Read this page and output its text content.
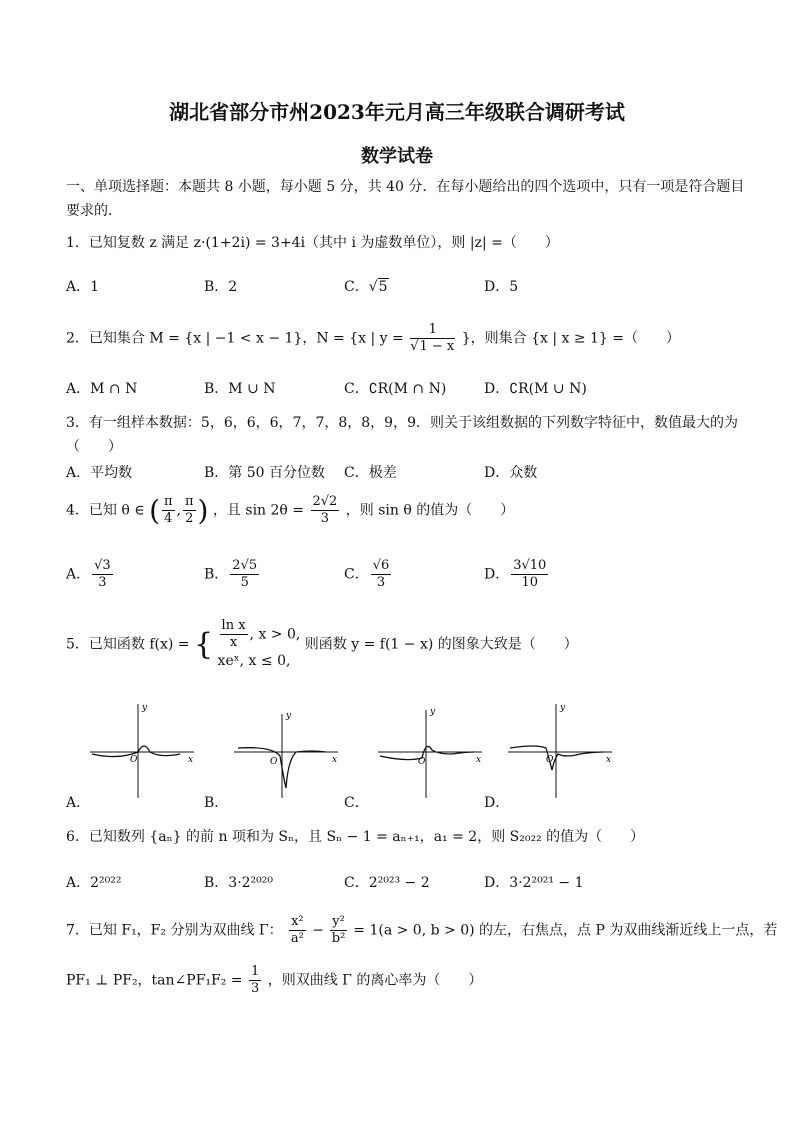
湖北省部分市州2023年元月高三年级联合调研考试
数学试卷
一、单项选择题：本题共 8 小题，每小题 5 分，共 40 分．在每小题给出的四个选项中，只有一项是符合题目
要求的.
1．已知复数 z 满足 z·(1+2i) = 3+4i（其中 i 为虚数单位），则 |z| =（　　）
A．1	B．2	C．√5	D．5
2．已知集合 M = {x | −1 < x − 1}，N = {x | $y = \frac{1}{√1 - x}$ }，则集合 {x | x ≥ 1} =（　　）
A．M ∩ N	B．M ∪ N	C．∁R(M ∩ N)	D．∁R(M ∪ N)
3．有一组样本数据：5，6，6，6，7，7，8，8，9，9．则关于该组数据的下列数字特征中，数值最大的为
（　　）
A．平均数	B．第 50 百分位数 C．极差	D．众数
4．已知 θ ∈ ( $\frac{\pi}{4}$ , $\frac{\pi}{2}$ ) ，且 $\sin 2\theta = \frac{2√2}{3}$ ，则 sin θ 的值为（　　）
A． $\frac{√3}{3}$	B． $\frac{2√5}{5}$	C． $\frac{√6}{3}$	D． $\frac{3√10}{10}$
5．已知函数 f(x) = { $\frac{\text{ln x}}{x}$ , x > 0,
xeˣ, x ≤ 0,
则函数 y = f(1 − x) 的图象大致是（　　）
O
y
x
A．
O
y
x
B．
O
y
x
C．
O
y
x
D．
6．已知数列 {aₙ} 的前 n 项和为 Sₙ，且 Sₙ − 1 = aₙ₊₁，a₁ = 2，则 S₂₀₂₂ 的值为（　　）
A．2²⁰²²	B．3·2²⁰²⁰	C．2²⁰²³ − 2	D．3·2²⁰²¹ − 1
7．已知 F₁，F₂ 分别为双曲线 Γ： $\frac{\text{x²}}{\text{a²}} - \frac{\text{y²}}{\text{b²}} = 1(a > 0$, b > 0) 的左，右焦点，点 P 为双曲线渐近线上一点，若
PF₁ ⊥ PF₂，tan∠PF₁F₂ = $\frac{1}{3}$ ，则双曲线 Γ 的离心率为（　　）
